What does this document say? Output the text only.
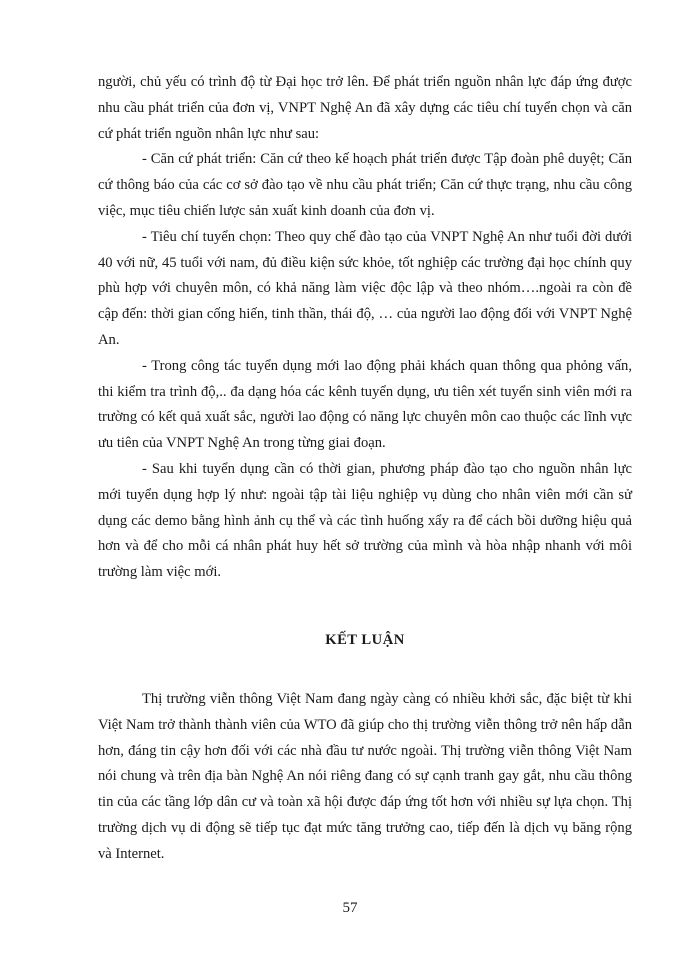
người, chủ yếu có trình độ từ Đại học trở lên. Để phát triển nguồn nhân lực đáp ứng được nhu cầu phát triển của đơn vị, VNPT Nghệ An đã xây dựng các tiêu chí tuyển chọn và căn cứ phát triển nguồn nhân lực như sau:

- Căn cứ phát triển: Căn cứ theo kế hoạch phát triển được Tập đoàn phê duyệt; Căn cứ thông báo của các cơ sở đào tạo về nhu cầu phát triển; Căn cứ thực trạng, nhu cầu công việc, mục tiêu chiến lược sản xuất kinh doanh của đơn vị.

- Tiêu chí tuyển chọn: Theo quy chế đào tạo của VNPT Nghệ An như tuổi đời dưới 40 với nữ, 45 tuổi với nam, đủ điều kiện sức khỏe, tốt nghiệp các trường đại học chính quy phù hợp với chuyên môn, có khả năng làm việc độc lập và theo nhóm….ngoài ra còn đề cập đến: thời gian cống hiến, tinh thần, thái độ, … của người lao động đối với VNPT Nghệ An.

- Trong công tác tuyển dụng mới lao động phải khách quan thông qua phỏng vấn, thi kiểm tra trình độ,.. đa dạng hóa các kênh tuyển dụng, ưu tiên xét tuyển sinh viên mới ra trường có kết quả xuất sắc, người lao động có năng lực chuyên môn cao thuộc các lĩnh vực ưu tiên của VNPT Nghệ An trong từng giai đoạn.

- Sau khi tuyển dụng cần có thời gian, phương pháp đào tạo cho nguồn nhân lực mới tuyển dụng hợp lý như: ngoài tập tài liệu nghiệp vụ dùng cho nhân viên mới cần sử dụng các demo bằng hình ảnh cụ thể và các tình huống xẩy ra để cách bồi dưỡng hiệu quả hơn và để cho mỗi cá nhân phát huy hết sở trường của mình và hòa nhập nhanh với môi trường làm việc mới.

KẾT LUẬN

Thị trường viễn thông Việt Nam đang ngày càng có nhiều khởi sắc, đặc biệt từ khi Việt Nam trở thành thành viên của WTO đã giúp cho thị trường viễn thông trở nên hấp dẫn hơn, đáng tin cậy hơn đối với các nhà đầu tư nước ngoài. Thị trường viễn thông Việt Nam nói chung và trên địa bàn Nghệ An nói riêng đang có sự cạnh tranh gay gắt, nhu cầu thông tin của các tầng lớp dân cư và toàn xã hội được đáp ứng tốt hơn với nhiều sự lựa chọn. Thị trường dịch vụ di động sẽ tiếp tục đạt mức tăng trưởng cao, tiếp đến là dịch vụ băng rộng và Internet.

57
